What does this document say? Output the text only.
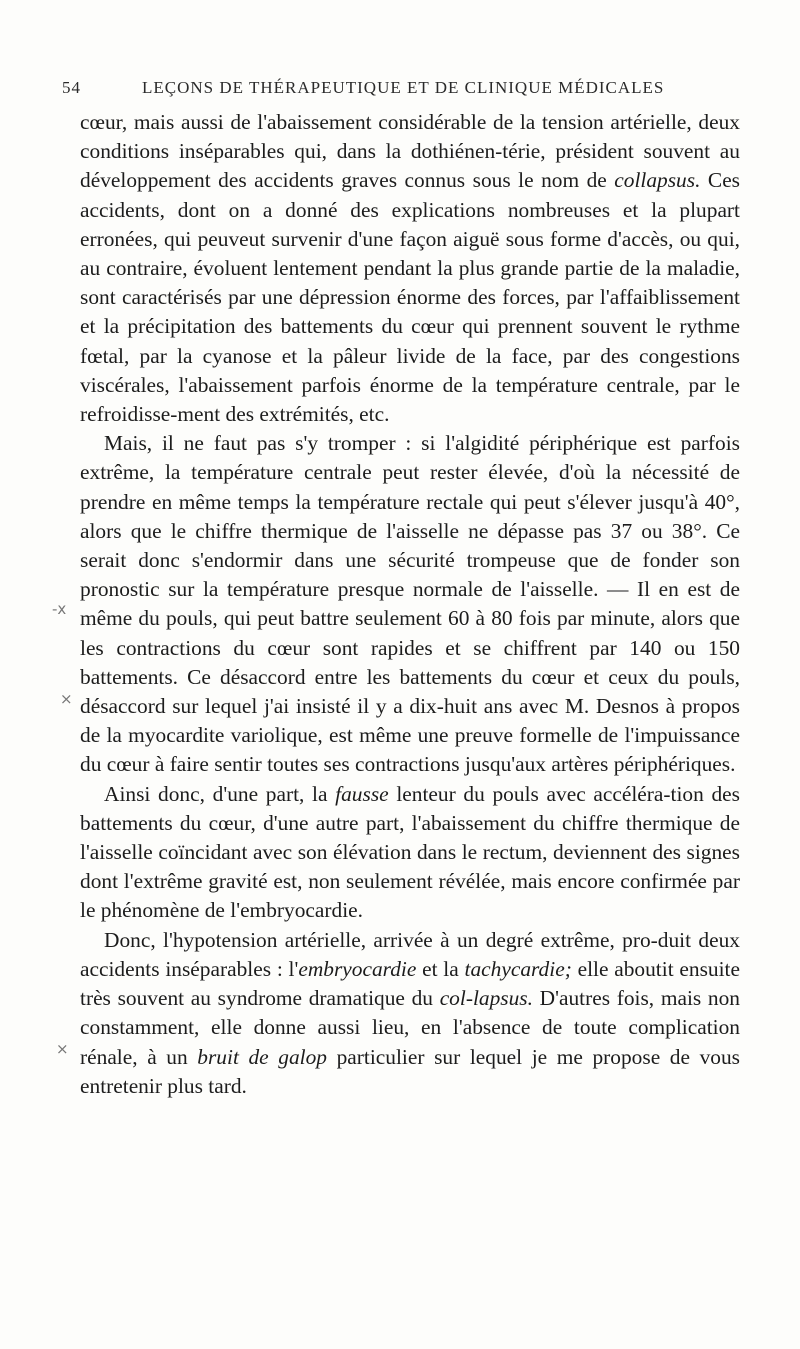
54	LEÇONS DE THÉRAPEUTIQUE ET DE CLINIQUE MÉDICALES
-x
×
×

cœur, mais aussi de l'abaissement considérable de la tension artérielle, deux conditions inséparables qui, dans la dothiénen-térie, président souvent au développement des accidents graves connus sous le nom de collapsus. Ces accidents, dont on a donné des explications nombreuses et la plupart erronées, qui peuveut survenir d'une façon aiguë sous forme d'accès, ou qui, au contraire, évoluent lentement pendant la plus grande partie de la maladie, sont caractérisés par une dépression énorme des forces, par l'affaiblissement et la précipitation des battements du cœur qui prennent souvent le rythme fœtal, par la cyanose et la pâleur livide de la face, par des congestions viscérales, l'abaissement parfois énorme de la température centrale, par le refroidisse-ment des extrémités, etc.

Mais, il ne faut pas s'y tromper : si l'algidité périphérique est parfois extrême, la température centrale peut rester élevée, d'où la nécessité de prendre en même temps la température rectale qui peut s'élever jusqu'à 40°, alors que le chiffre thermique de l'aisselle ne dépasse pas 37 ou 38°. Ce serait donc s'endormir dans une sécurité trompeuse que de fonder son pronostic sur la température presque normale de l'aisselle. — Il en est de même du pouls, qui peut battre seulement 60 à 80 fois par minute, alors que les contractions du cœur sont rapides et se chiffrent par 140 ou 150 battements. Ce désaccord entre les battements du cœur et ceux du pouls, désaccord sur lequel j'ai insisté il y a dix-huit ans avec M. Desnos à propos de la myocardite variolique, est même une preuve formelle de l'impuissance du cœur à faire sentir toutes ses contractions jusqu'aux artères périphériques.

Ainsi donc, d'une part, la fausse lenteur du pouls avec accéléra-tion des battements du cœur, d'une autre part, l'abaissement du chiffre thermique de l'aisselle coïncidant avec son élévation dans le rectum, deviennent des signes dont l'extrême gravité est, non seulement révélée, mais encore confirmée par le phénomène de l'embryocardie.

Donc, l'hypotension artérielle, arrivée à un degré extrême, pro-duit deux accidents inséparables : l'embryocardie et la tachycardie; elle aboutit ensuite très souvent au syndrome dramatique du col-lapsus. D'autres fois, mais non constamment, elle donne aussi lieu, en l'absence de toute complication rénale, à un bruit de galop particulier sur lequel je me propose de vous entretenir plus tard.
